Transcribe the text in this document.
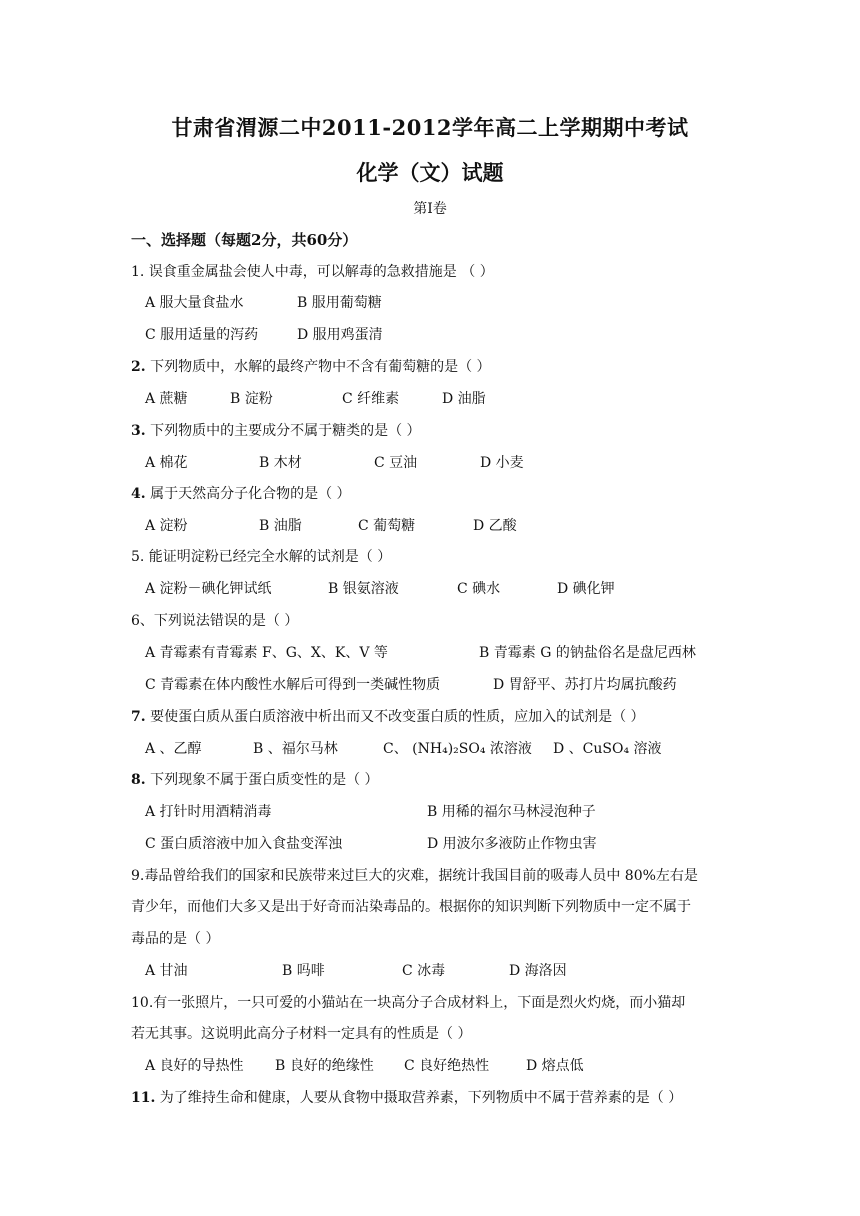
甘肃省渭源二中2011-2012学年高二上学期期中考试
化学（文）试题
第Ⅰ卷
一、选择题（每题2分，共60分）
1. 误食重金属盐会使人中毒，可以解毒的急救措施是 （ ）
A 服大量食盐水	B 服用葡萄糖
C 服用适量的泻药	D 服用鸡蛋清
2. 下列物质中，水解的最终产物中不含有葡萄糖的是（ ）
A 蔗糖	B 淀粉	C 纤维素	D 油脂
3. 下列物质中的主要成分不属于糖类的是（ ）
A 棉花	B 木材	C 豆油	D 小麦
4. 属于天然高分子化合物的是（ ）
A 淀粉	B 油脂	C 葡萄糖	D 乙酸
5. 能证明淀粉已经完全水解的试剂是（ ）
A 淀粉－碘化钾试纸	B 银氨溶液	C 碘水	D 碘化钾
6、下列说法错误的是（ ）
A 青霉素有青霉素 F、G、X、K、V 等	B 青霉素 G 的钠盐俗名是盘尼西林
C 青霉素在体内酸性水解后可得到一类碱性物质	D 胃舒平、苏打片均属抗酸药
7. 要使蛋白质从蛋白质溶液中析出而又不改变蛋白质的性质，应加入的试剂是（ ）
A 、乙醇	B 、福尔马林	C、 (NH₄)₂SO₄ 浓溶液 D 、CuSO₄ 溶液
8. 下列现象不属于蛋白质变性的是（ ）
A 打针时用酒精消毒	B 用稀的福尔马林浸泡种子
C 蛋白质溶液中加入食盐变浑浊	D 用波尔多液防止作物虫害
9.毒品曾给我们的国家和民族带来过巨大的灾难，据统计我国目前的吸毒人员中 80%左右是
青少年，而他们大多又是出于好奇而沾染毒品的。根据你的知识判断下列物质中一定不属于
毒品的是（ ）
A 甘油	B 吗啡	C 冰毒	D 海洛因
10.有一张照片，一只可爱的小猫站在一块高分子合成材料上，下面是烈火灼烧，而小猫却
若无其事。这说明此高分子材料一定具有的性质是（ ）
A 良好的导热性 B 良好的绝缘性 C 良好绝热性	D 熔点低
11. 为了维持生命和健康，人要从食物中摄取营养素，下列物质中不属于营养素的是（ ）
